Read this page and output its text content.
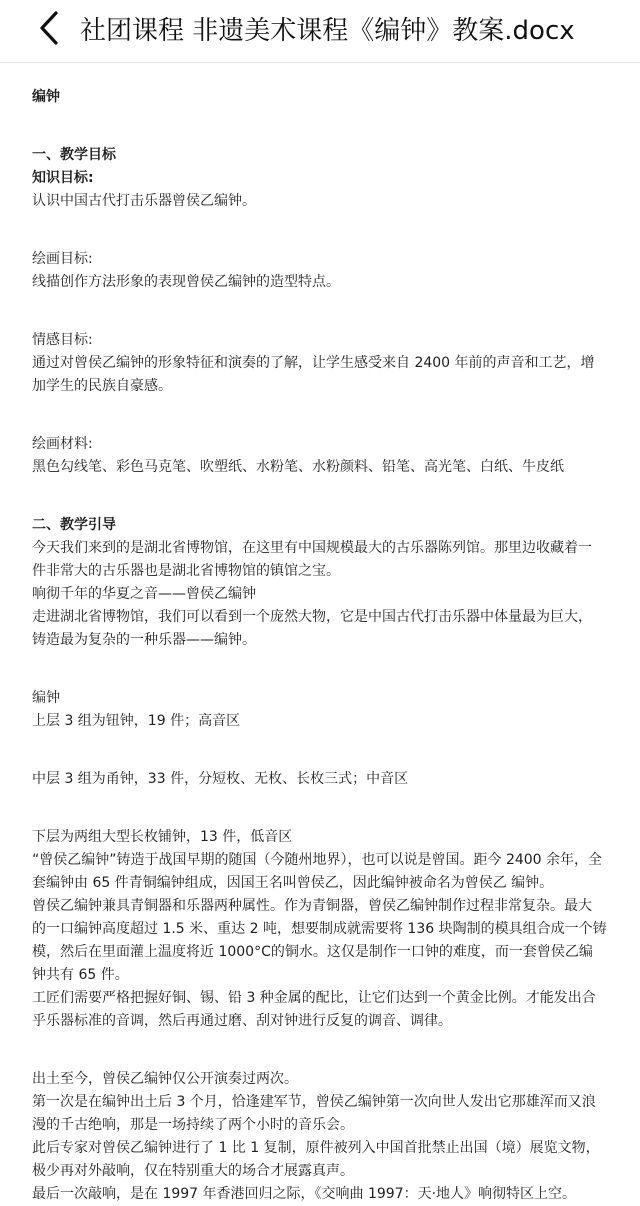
社团课程 非遗美术课程《编钟》教案.docx

编钟

一、教学目标

知识目标:

认识中国古代打击乐器曾侯乙编钟。

绘画目标:

线描创作方法形象的表现曾侯乙编钟的造型特点。

情感目标:

通过对曾侯乙编钟的形象特征和演奏的了解，让学生感受来自 2400 年前的声音和工艺，增

加学生的民族自豪感。

绘画材料:

黑色勾线笔、彩色马克笔、吹塑纸、水粉笔、水粉颜料、铅笔、高光笔、白纸、牛皮纸

二、教学引导

今天我们来到的是湖北省博物馆，在这里有中国规模最大的古乐器陈列馆。那里边收藏着一

件非常大的古乐器也是湖北省博物馆的镇馆之宝。

响彻千年的华夏之音——曾侯乙编钟

走进湖北省博物馆，我们可以看到一个庞然大物，它是中国古代打击乐器中体量最为巨大，

铸造最为复杂的一种乐器——编钟。

编钟

上层 3 组为钮钟，19 件；高音区

中层 3 组为甬钟，33 件，分短枚、无枚、长枚三式；中音区

下层为两组大型长枚铺钟，13 件，低音区

“曾侯乙编钟”铸造于战国早期的随国（今随州地界），也可以说是曾国。距今 2400 余年，全

套编钟由 65 件青铜编钟组成，因国王名叫曾侯乙，因此编钟被命名为曾侯乙 编钟。

曾侯乙编钟兼具青铜器和乐器两种属性。作为青铜器，曾侯乙编钟制作过程非常复杂。最大

的一口编钟高度超过 1.5 米、重达 2 吨，想要制成就需要将 136 块陶制的模具组合成一个铸

模，然后在里面灌上温度将近 1000°C的铜水。这仅是制作一口钟的难度，而一套曾侯乙编

钟共有 65 件。

工匠们需要严格把握好铜、锡、铅 3 种金属的配比，让它们达到一个黄金比例。才能发出合

乎乐器标准的音调，然后再通过磨、刮对钟进行反复的调音、调律。

出土至今，曾侯乙编钟仅公开演奏过两次。

第一次是在编钟出土后 3 个月，恰逢建军节，曾侯乙编钟第一次向世人发出它那雄浑而又浪

漫的千古绝响，那是一场持续了两个小时的音乐会。

此后专家对曾侯乙编钟进行了 1 比 1 复制，原件被列入中国首批禁止出国（境）展览文物，

极少再对外敲响，仅在特别重大的场合才展露真声。

最后一次敲响，是在 1997 年香港回归之际，《交响曲 1997：天·地人》响彻特区上空。
